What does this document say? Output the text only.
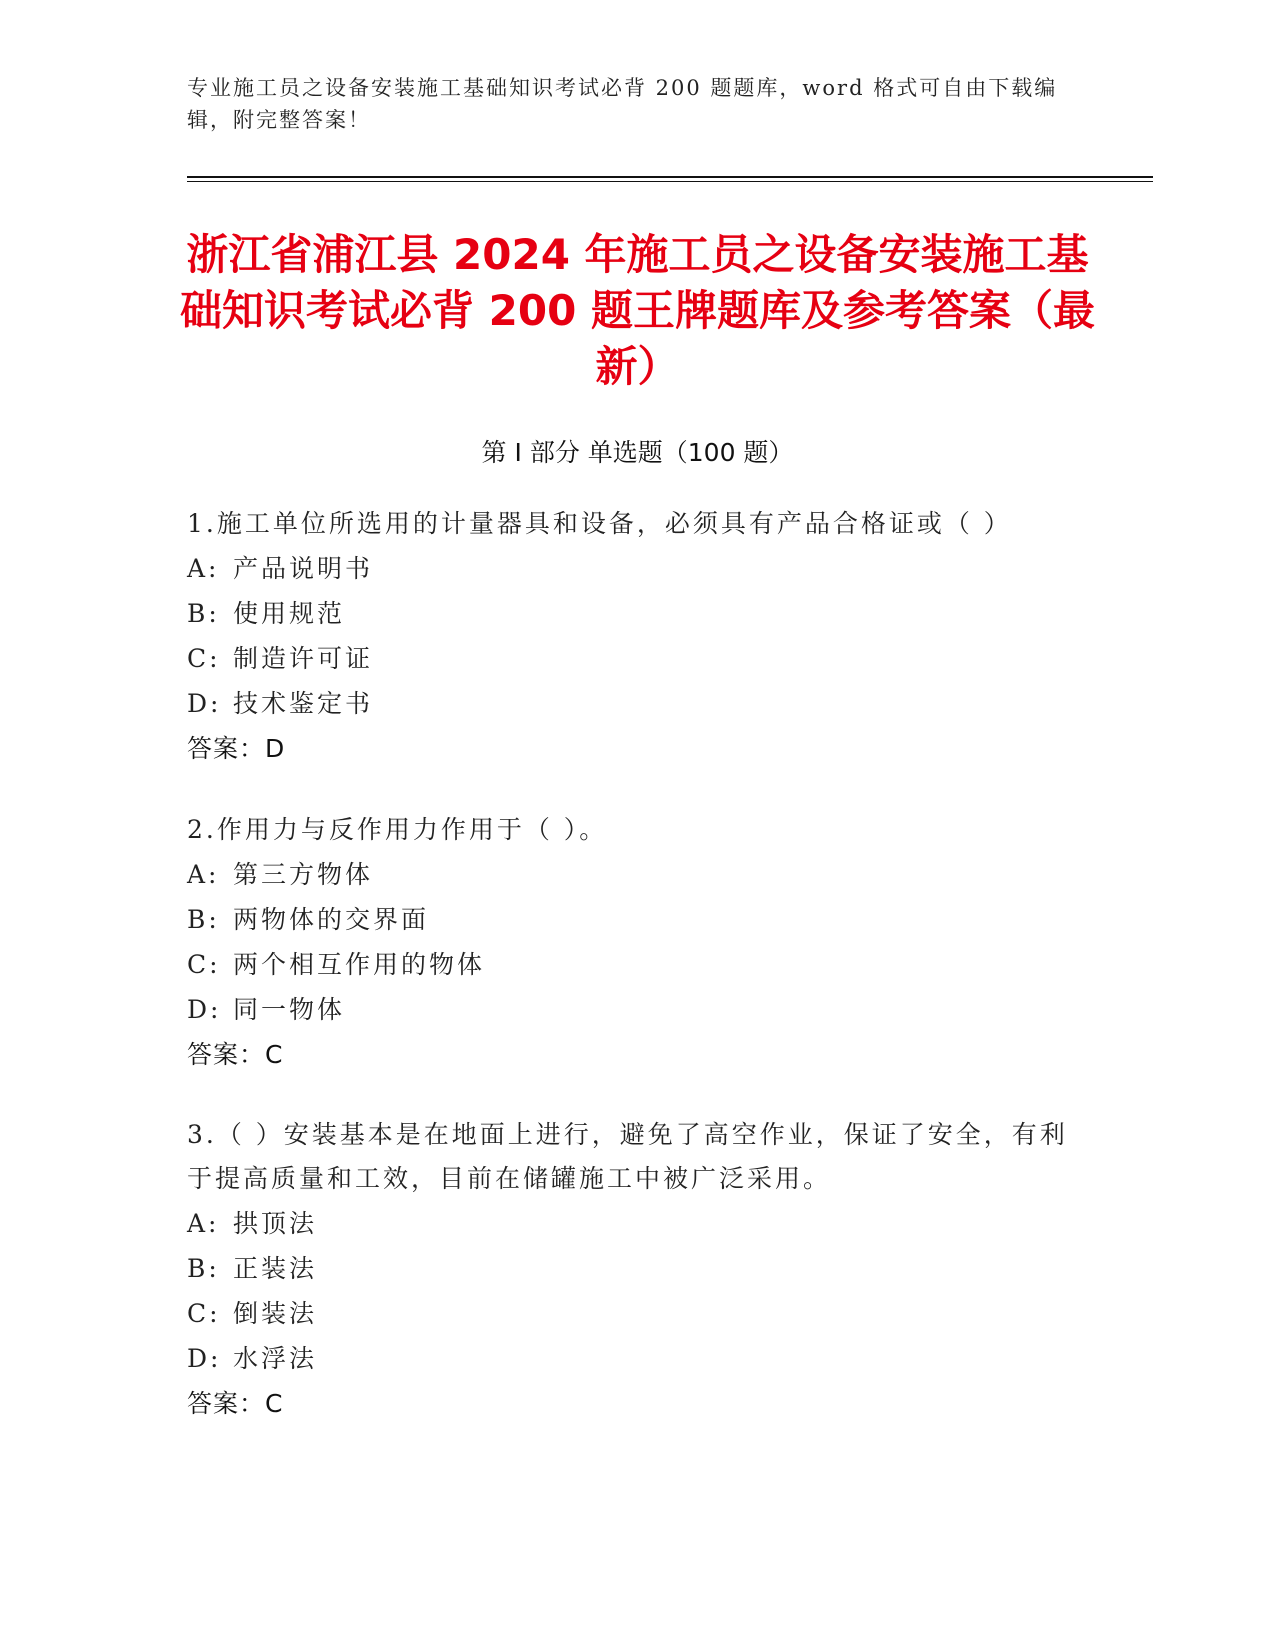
专业施工员之设备安装施工基础知识考试必背 200 题题库，word 格式可自由下载编辑，附完整答案！
浙江省浦江县 2024 年施工员之设备安装施工基础知识考试必背 200 题王牌题库及参考答案（最新）
第 I 部分 单选题（100 题）

1.施工单位所选用的计量器具和设备，必须具有产品合格证或（ ）

A: 产品说明书
B: 使用规范
C: 制造许可证
D: 技术鉴定书
答案：D

2.作用力与反作用力作用于（ ）。

A: 第三方物体
B: 两物体的交界面
C: 两个相互作用的物体
D: 同一物体
答案：C

3.（ ）安装基本是在地面上进行，避免了高空作业，保证了安全，有利于提高质量和工效，目前在储罐施工中被广泛采用。

A: 拱顶法
B: 正装法
C: 倒装法
D: 水浮法
答案：C
